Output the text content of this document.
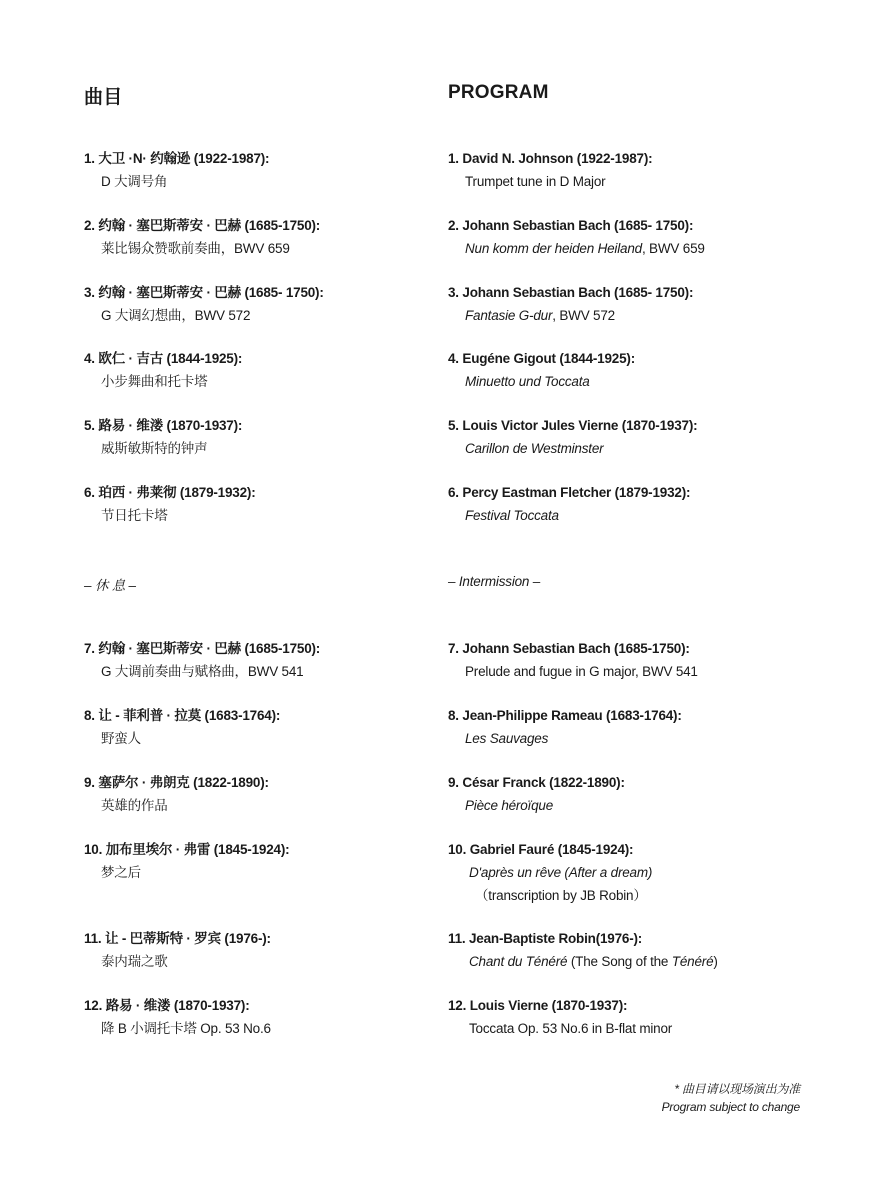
曲目
1. 大卫 ·N· 约翰逊 (1922-1987):
D 大调号角
2. 约翰 · 塞巴斯蒂安 · 巴赫 (1685-1750):
莱比锡众赞歌前奏曲，BWV 659
3. 约翰 · 塞巴斯蒂安 · 巴赫 (1685- 1750):
G 大调幻想曲，BWV 572
4. 欧仁 · 吉古 (1844-1925):
小步舞曲和托卡塔
5. 路易 · 维溇 (1870-1937):
威斯敏斯特的钟声
6. 珀西 · 弗莱彻 (1879-1932):
节日托卡塔
– 休 息 –
7. 约翰 · 塞巴斯蒂安 · 巴赫 (1685-1750):
G 大调前奏曲与赋格曲，BWV 541
8. 让 - 菲利普 · 拉莫 (1683-1764):
野蛮人
9. 塞萨尔 · 弗朗克 (1822-1890):
英雄的作品
10. 加布里埃尔 · 弗雷 (1845-1924):
梦之后
11. 让 - 巴蒂斯特 · 罗宾 (1976-):
泰内瑞之歌
12. 路易 · 维溇 (1870-1937):
降 B 小调托卡塔 Op. 53 No.6
PROGRAM
1. David N. Johnson (1922-1987):
Trumpet tune in D Major
2. Johann Sebastian Bach (1685- 1750):
Nun komm der heiden Heiland, BWV 659
3. Johann Sebastian Bach (1685- 1750):
Fantasie G-dur, BWV 572
4. Eugéne Gigout (1844-1925):
Minuetto und Toccata
5. Louis Victor Jules Vierne (1870-1937):
Carillon de Westminster
6. Percy Eastman Fletcher (1879-1932):
Festival Toccata
– Intermission –
7. Johann Sebastian Bach (1685-1750):
Prelude and fugue in G major, BWV 541
8. Jean-Philippe Rameau (1683-1764):
Les Sauvages
9. César Franck (1822-1890):
Pièce héroïque
10. Gabriel Fauré (1845-1924):
D'après un rêve (After a dream)
（transcription by JB Robin）
11. Jean-Baptiste Robin(1976-):
Chant du Ténéré (The Song of the Ténéré)
12. Louis Vierne (1870-1937):
Toccata Op. 53 No.6 in B-flat minor
* 曲目请以现场演出为准
Program subject to change
